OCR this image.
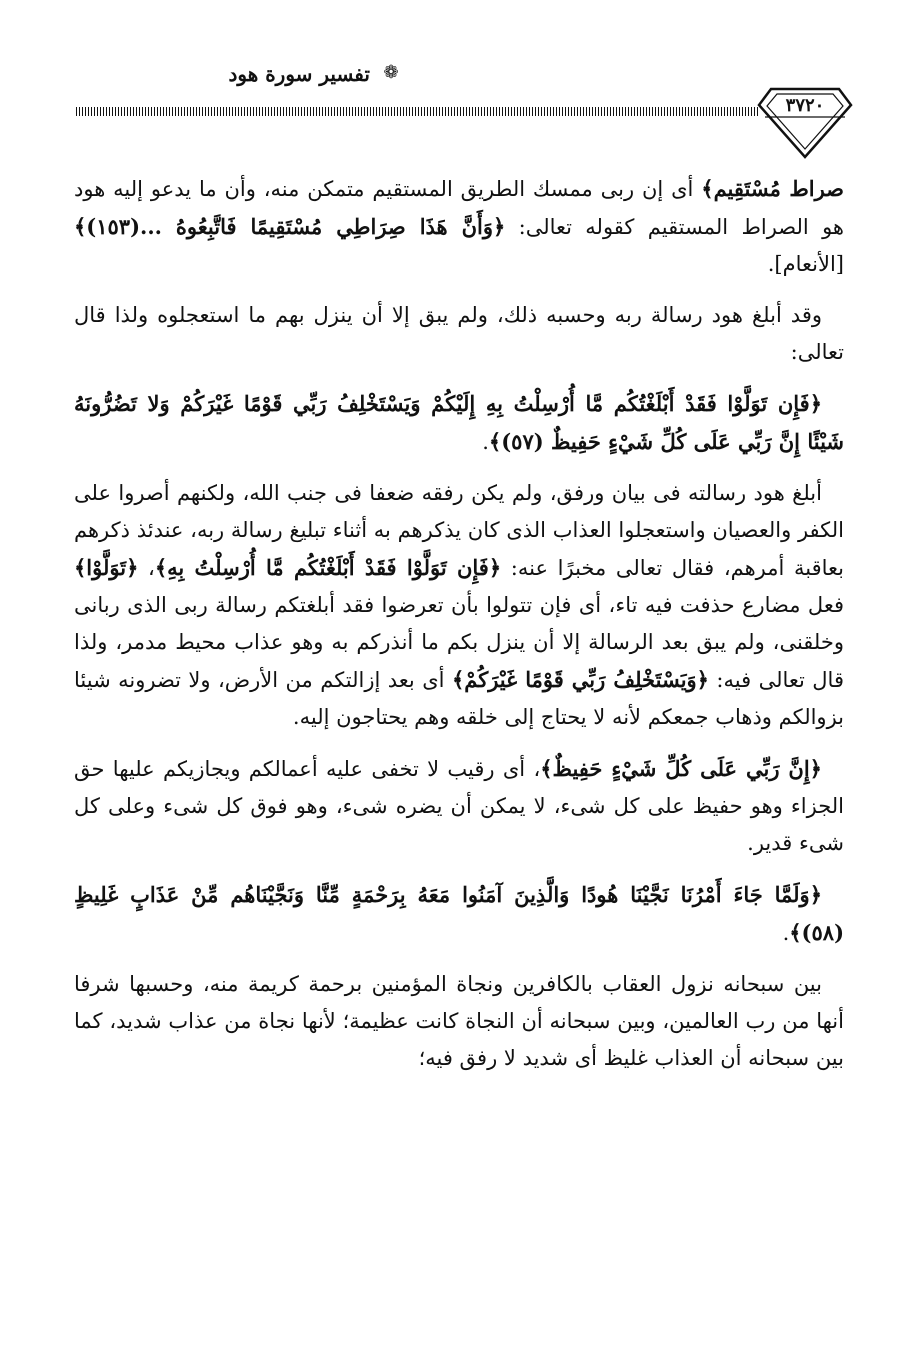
تفسير سورة هود ❁
٣٧٢٠

صراط مُسْتَقِيم﴾ أى إن ربى ممسك الطريق المستقيم متمكن منه، وأن ما يدعو إليه هود هو الصراط المستقيم كقوله تعالى: ﴿وَأَنَّ هَذَا صِرَاطِي مُسْتَقِيمًا فَاتَّبِعُوهُ ...(١٥٣)﴾ [الأنعام].

وقد أبلغ هود رسالة ربه وحسبه ذلك، ولم يبق إلا أن ينزل بهم ما استعجلوه ولذا قال تعالى:

﴿فَإِن تَوَلَّوْا فَقَدْ أَبْلَغْتُكُم مَّا أُرْسِلْتُ بِهِ إِلَيْكُمْ وَيَسْتَخْلِفُ رَبِّي قَوْمًا غَيْرَكُمْ وَلا تَضُرُّونَهُ شَيْئًا إِنَّ رَبِّي عَلَى كُلِّ شَيْءٍ حَفِيظٌ (٥٧)﴾.

أبلغ هود رسالته فى بيان ورفق، ولم يكن رفقه ضعفا فى جنب الله، ولكنهم أصروا على الكفر والعصيان واستعجلوا العذاب الذى كان يذكرهم به أثناء تبليغ رسالة ربه، عندئذ ذكرهم بعاقبة أمرهم، فقال تعالى مخبرًا عنه: ﴿فَإِن تَوَلَّوْا فَقَدْ أَبْلَغْتُكُم مَّا أُرْسِلْتُ بِهِ﴾، ﴿تَوَلَّوْا﴾ فعل مضارع حذفت فيه تاء، أى فإن تتولوا بأن تعرضوا فقد أبلغتكم رسالة ربى الذى ربانى وخلقنى، ولم يبق بعد الرسالة إلا أن ينزل بكم ما أنذركم به وهو عذاب محيط مدمر، ولذا قال تعالى فيه: ﴿وَيَسْتَخْلِفُ رَبِّي قَوْمًا غَيْرَكُمْ﴾ أى بعد إزالتكم من الأرض، ولا تضرونه شيئا بزوالكم وذهاب جمعكم لأنه لا يحتاج إلى خلقه وهم يحتاجون إليه.

﴿إِنَّ رَبِّي عَلَى كُلِّ شَيْءٍ حَفِيظٌ﴾، أى رقيب لا تخفى عليه أعمالكم ويجازيكم عليها حق الجزاء وهو حفيظ على كل شىء، لا يمكن أن يضره شىء، وهو فوق كل شىء وعلى كل شىء قدير.

﴿وَلَمَّا جَاءَ أَمْرُنَا نَجَّيْنَا هُودًا وَالَّذِينَ آمَنُوا مَعَهُ بِرَحْمَةٍ مِّنَّا وَنَجَّيْنَاهُم مِّنْ عَذَابٍ غَلِيظٍ (٥٨)﴾.

بين سبحانه نزول العقاب بالكافرين ونجاة المؤمنين برحمة كريمة منه، وحسبها شرفا أنها من رب العالمين، وبين سبحانه أن النجاة كانت عظيمة؛ لأنها نجاة من عذاب شديد، كما بين سبحانه أن العذاب غليظ أى شديد لا رفق فيه؛
